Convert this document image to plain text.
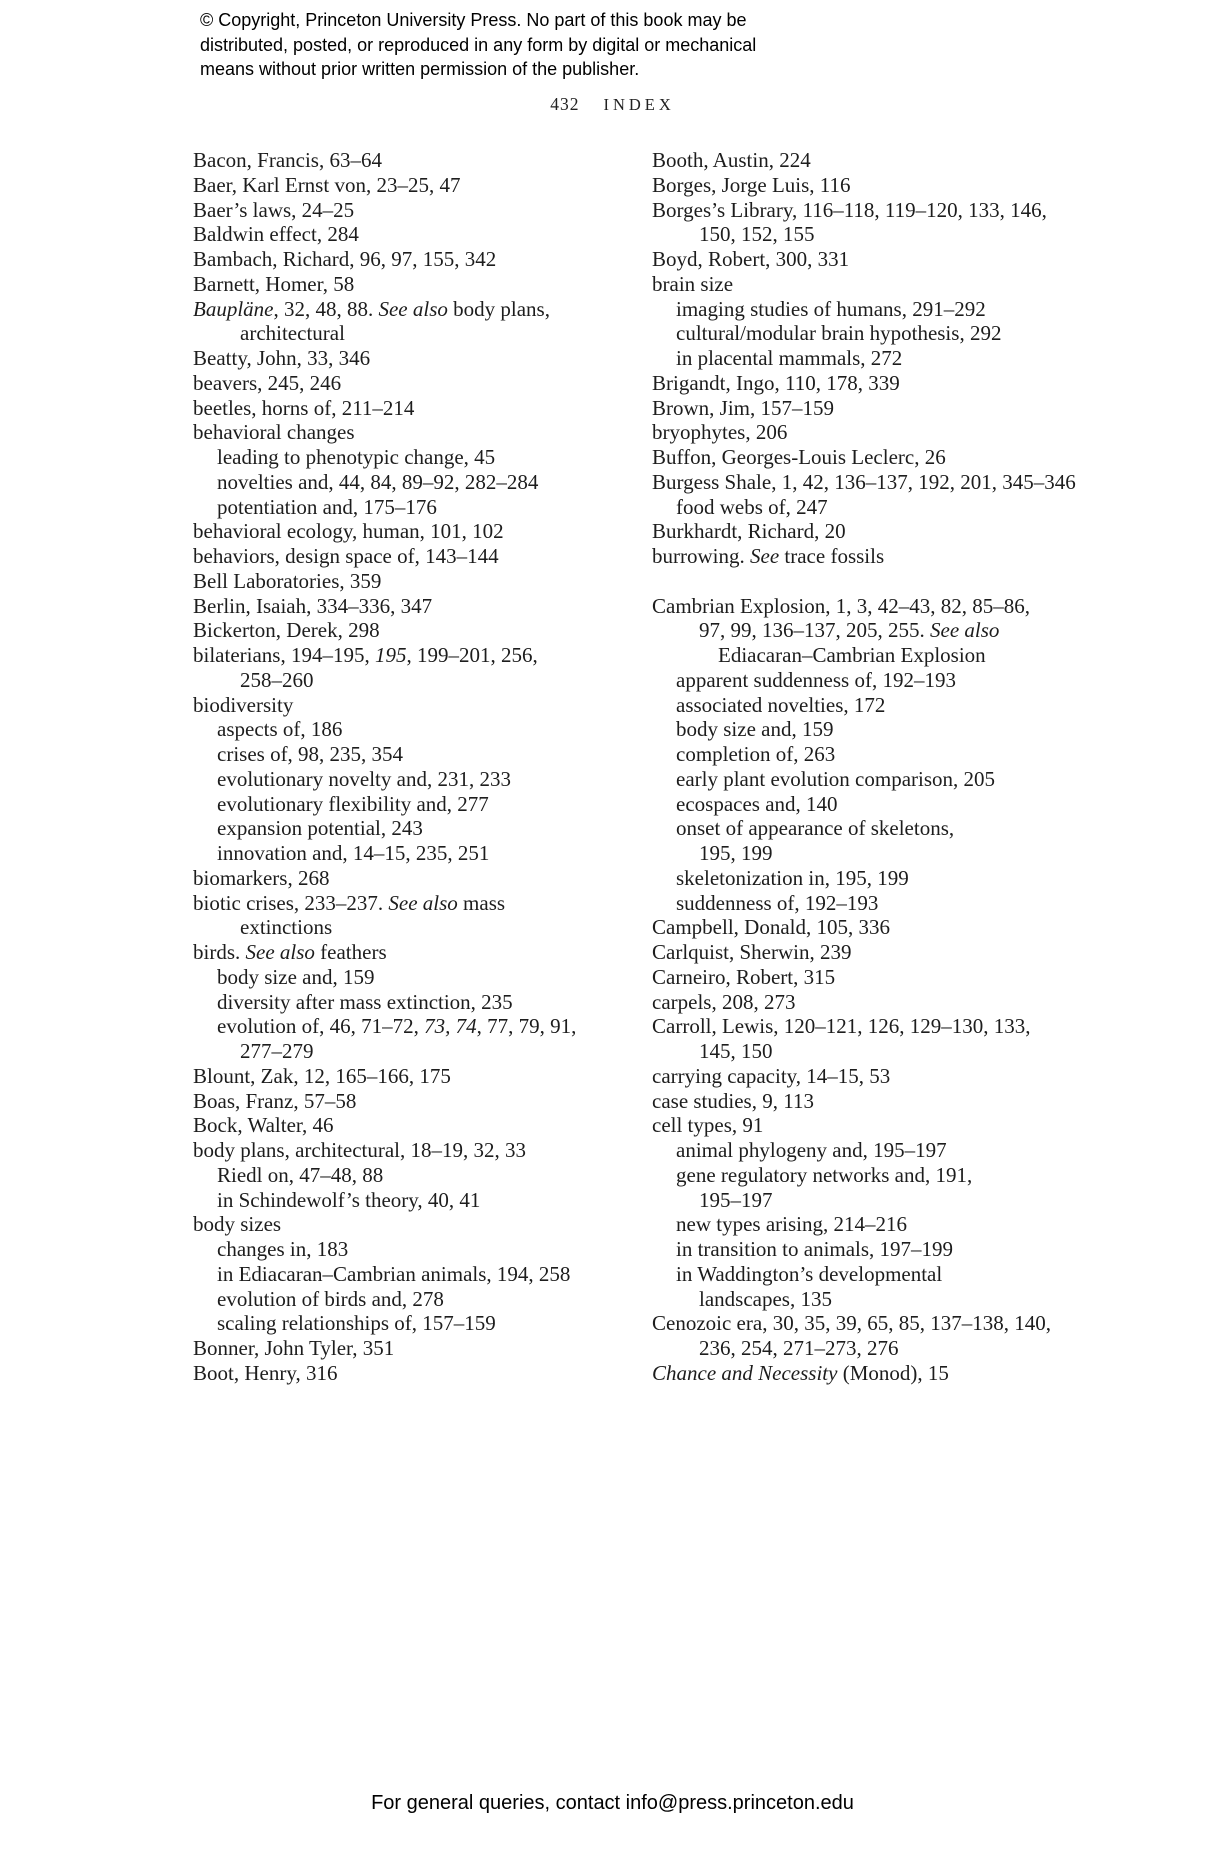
© Copyright, Princeton University Press. No part of this book may be
distributed, posted, or reproduced in any form by digital or mechanical
means without prior written permission of the publisher.
432 INDEX
Bacon, Francis, 63–64
Baer, Karl Ernst von, 23–25, 47
Baer’s laws, 24–25
Baldwin effect, 284
Bambach, Richard, 96, 97, 155, 342
Barnett, Homer, 58
Baupläne, 32, 48, 88. See also body plans,
architectural
Beatty, John, 33, 346
beavers, 245, 246
beetles, horns of, 211–214
behavioral changes
leading to phenotypic change, 45
novelties and, 44, 84, 89–92, 282–284
potentiation and, 175–176
behavioral ecology, human, 101, 102
behaviors, design space of, 143–144
Bell Laboratories, 359
Berlin, Isaiah, 334–336, 347
Bickerton, Derek, 298
bilaterians, 194–195, 195, 199–201, 256,
258–260
biodiversity
aspects of, 186
crises of, 98, 235, 354
evolutionary novelty and, 231, 233
evolutionary flexibility and, 277
expansion potential, 243
innovation and, 14–15, 235, 251
biomarkers, 268
biotic crises, 233–237. See also mass
extinctions
birds. See also feathers
body size and, 159
diversity after mass extinction, 235
evolution of, 46, 71–72, 73, 74, 77, 79, 91,
277–279
Blount, Zak, 12, 165–166, 175
Boas, Franz, 57–58
Bock, Walter, 46
body plans, architectural, 18–19, 32, 33
Riedl on, 47–48, 88
in Schindewolf’s theory, 40, 41
body sizes
changes in, 183
in Ediacaran–Cambrian animals, 194, 258
evolution of birds and, 278
scaling relationships of, 157–159
Bonner, John Tyler, 351
Boot, Henry, 316
Booth, Austin, 224
Borges, Jorge Luis, 116
Borges’s Library, 116–118, 119–120, 133, 146,
150, 152, 155
Boyd, Robert, 300, 331
brain size
imaging studies of humans, 291–292
cultural/modular brain hypothesis, 292
in placental mammals, 272
Brigandt, Ingo, 110, 178, 339
Brown, Jim, 157–159
bryophytes, 206
Buffon, Georges-Louis Leclerc, 26
Burgess Shale, 1, 42, 136–137, 192, 201, 345–346
food webs of, 247
Burkhardt, Richard, 20
burrowing. See trace fossils

Cambrian Explosion, 1, 3, 42–43, 82, 85–86,
97, 99, 136–137, 205, 255. See also
Ediacaran–Cambrian Explosion
apparent suddenness of, 192–193
associated novelties, 172
body size and, 159
completion of, 263
early plant evolution comparison, 205
ecospaces and, 140
onset of appearance of skeletons,
195, 199
skeletonization in, 195, 199
suddenness of, 192–193
Campbell, Donald, 105, 336
Carlquist, Sherwin, 239
Carneiro, Robert, 315
carpels, 208, 273
Carroll, Lewis, 120–121, 126, 129–130, 133,
145, 150
carrying capacity, 14–15, 53
case studies, 9, 113
cell types, 91
animal phylogeny and, 195–197
gene regulatory networks and, 191,
195–197
new types arising, 214–216
in transition to animals, 197–199
in Waddington’s developmental
landscapes, 135
Cenozoic era, 30, 35, 39, 65, 85, 137–138, 140,
236, 254, 271–273, 276
Chance and Necessity (Monod), 15
For general queries, contact info@press.princeton.edu
